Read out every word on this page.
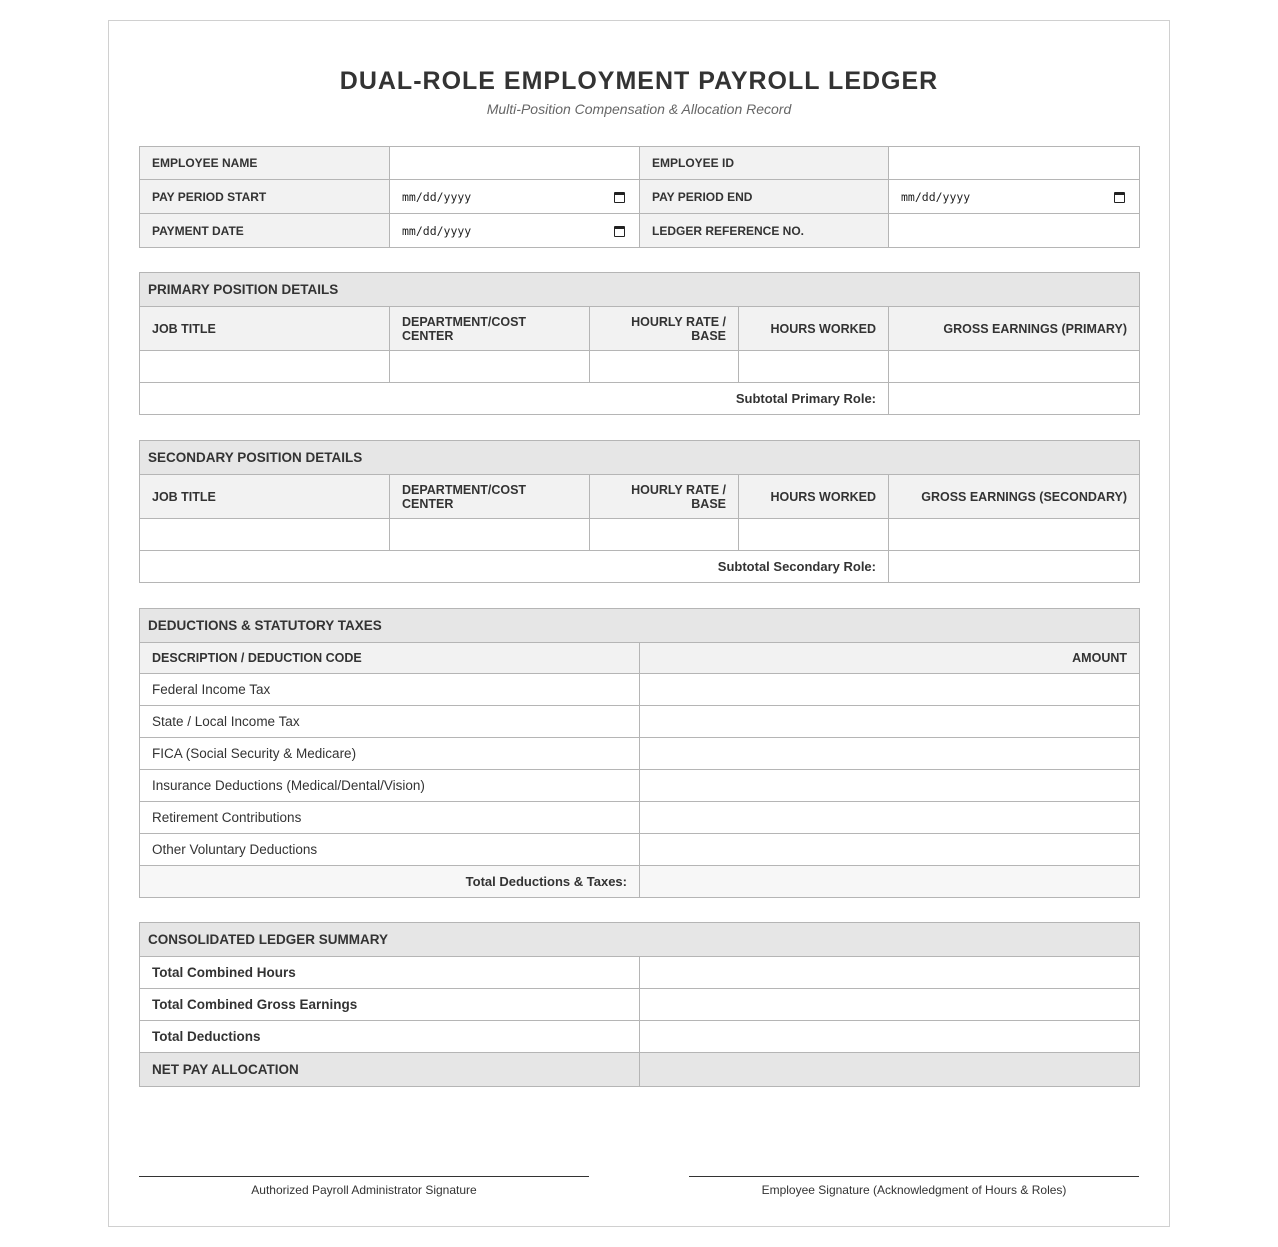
DUAL-ROLE EMPLOYMENT PAYROLL LEDGER
Multi-Position Compensation & Allocation Record
EMPLOYEE NAME		EMPLOYEE ID	
PAY PERIOD START	mm/dd/yyyy	PAY PERIOD END	mm/dd/yyyy

PAYMENT DATE	mm/dd/yyyy	LEDGER REFERENCE NO.	
PRIMARY POSITION DETAILS				
JOB TITLE	DEPARTMENT/COST CENTER	HOURLY RATE / BASE	HOURS WORKED	GROSS EARNINGS (PRIMARY)

Subtotal Primary Role:				
SECONDARY POSITION DETAILS				
JOB TITLE	DEPARTMENT/COST CENTER	HOURLY RATE / BASE	HOURS WORKED	GROSS EARNINGS (SECONDARY)

Subtotal Secondary Role:				
DEDUCTIONS & STATUTORY TAXES	
DESCRIPTION / DEDUCTION CODE	AMOUNT
Federal Income Tax	
State / Local Income Tax	
FICA (Social Security & Medicare)	
Insurance Deductions (Medical/Dental/Vision)	
Retirement Contributions	
Other Voluntary Deductions	
Total Deductions & Taxes:	
CONSOLIDATED LEDGER SUMMARY	
Total Combined Hours	
Total Combined Gross Earnings	
Total Deductions	
NET PAY ALLOCATION	
Authorized Payroll Administrator Signature	Employee Signature (Acknowledgment of Hours & Roles)
